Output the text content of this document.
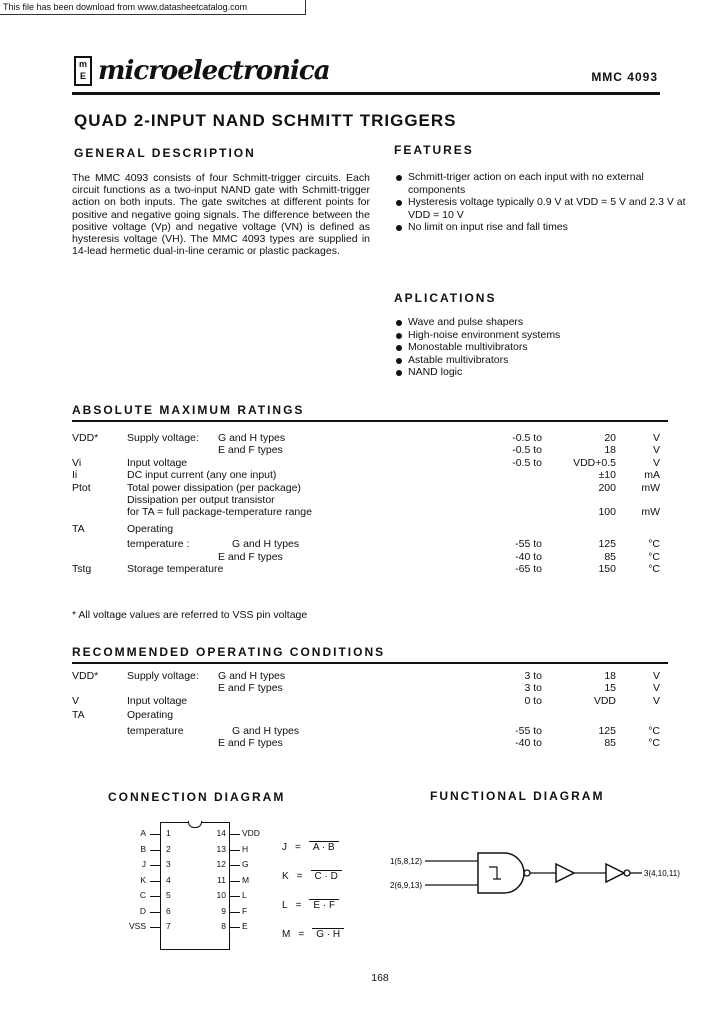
This file has been download from www.datasheetcatalog.com
m E microelectronica	MMC 4093
QUAD 2-INPUT NAND SCHMITT TRIGGERS
GENERAL DESCRIPTION

The MMC 4093 consists of four Schmitt-trigger circuits. Each circuit functions as a two-input NAND gate with Schmitt-trigger action on both inputs. The gate switches at different points for positive and negative going signals. The difference between the positive voltage (Vp) and negative voltage (VN) is defined as hysteresis voltage (VH). The MMC 4093 types are supplied in 14-lead hermetic dual-in-line ceramic or plastic packages.

FEATURES
Schmitt-triger action on each input with no external components
Hysteresis voltage typically 0.9 V at VDD = 5 V and 2.3 V at VDD = 10 V
No limit on input rise and fall times
APLICATIONS
Wave and pulse shapers
High-noise environment systems
Monostable multivibrators
Astable multivibrators
NAND logic
ABSOLUTE MAXIMUM RATINGS
VDD*	Supply voltage:	G and H types	-0.5 to	20	V
E and F types	-0.5 to	18	V
Vi	Input voltage	-0.5 to	VDD+0.5	V
Ii	DC input current (any one input)	±10	mA
Ptot	Total power dissipation (per package)	200	mW
Dissipation per output transistor
for TA = full package-temperature range	100	mW
TA	Operating
temperature :	G and H types	-55 to	125	°C
E and F types	-40 to	85	°C
Tstg	Storage temperature	-65 to	150	°C
* All voltage values are referred to VSS pin voltage
RECOMMENDED OPERATING CONDITIONS
VDD*	Supply voltage:	G and H types	3 to	18	V
E and F types	3 to	15	V
V	Input voltage	0 to	VDD	V
TA	Operating
temperature	G and H types	-55 to	125	°C
E and F types	-40 to	85	°C
CONNECTION DIAGRAM
A 1
B 2
J 3
K 4
C 5
D 6
VSS 7
14 VDD
13 H
12 G
11 M
10 L
9 F
8 E
J = A · B
K = C · D
L = E · F
M = G · H
FUNCTIONAL DIAGRAM
1(5,8,12)
2(6,9,13)
3(4,10,11)
168
